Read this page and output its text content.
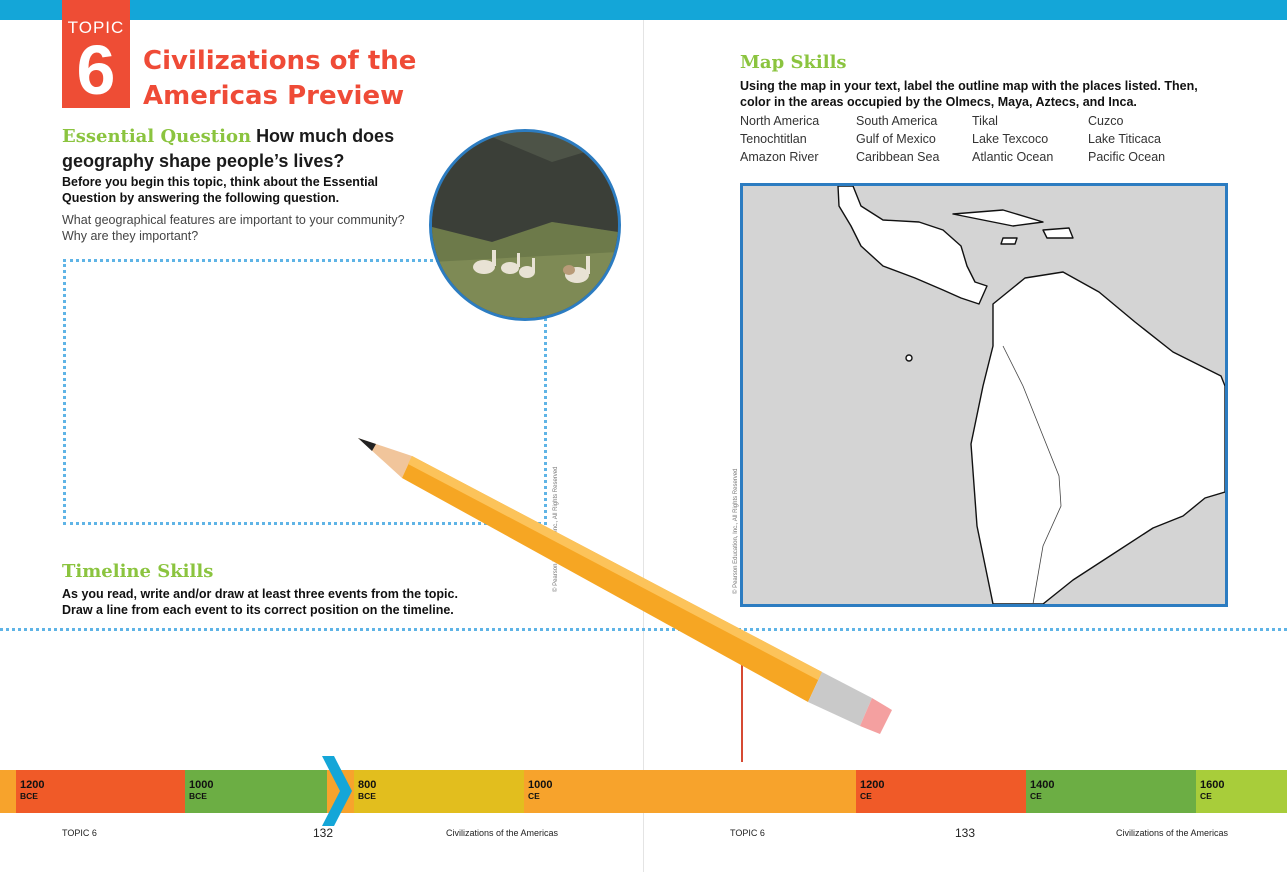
TOPIC
6	Civilizations of the Americas Preview
Essential Question How much does geography shape people’s lives?
Before you begin this topic, think about the Essential Question by answering the following question.
What geographical features are important to your community? Why are they important?
Timeline Skills
As you read, write and/or draw at least three events from the topic. Draw a line from each event to its correct position on the timeline.
© Pearson Education, Inc., All Rights Reserved
Map Skills
Using the map in your text, label the outline map with the places listed. Then, color in the areas occupied by the Olmecs, Maya, Aztecs, and Inca.
North America	South America	Tikal	Cuzco
Tenochtitlan	Gulf of Mexico	Lake Texcoco	Lake Titicaca
Amazon River	Caribbean Sea	Atlantic Ocean	Pacific Ocean
© Pearson Education, Inc., All Rights Reserved
1200
BCE
1000
BCE
800
BCE
1000
CE
1200
CE
1400
CE
1600
CE
TOPIC 6	132	Civilizations of the Americas	TOPIC 6	133	Civilizations of the Americas
